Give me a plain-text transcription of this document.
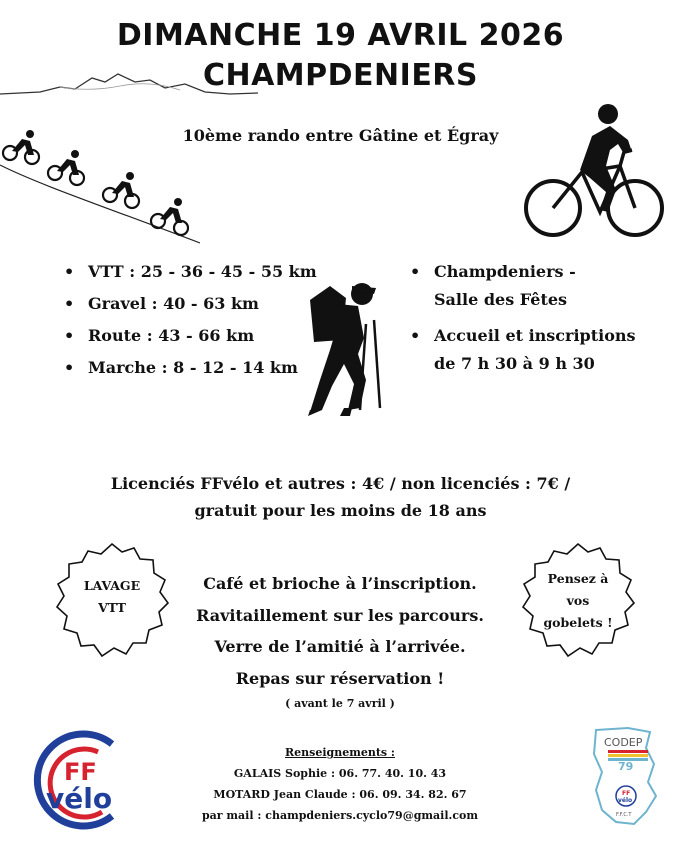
DIMANCHE 19 AVRIL 2026
CHAMPDENIERS
10ème rando entre Gâtine et Égray
• VTT : 25 - 36 - 45 - 55 km
• Gravel : 40 - 63 km
• Route : 43 - 66 km
• Marche : 8 - 12 - 14 km
• Champdeniers -
Salle des Fêtes
• Accueil et inscriptions
de 7 h 30 à 9 h 30
Licenciés FFvélo et autres : 4€ / non licenciés : 7€ /
gratuit pour les moins de 18 ans
LAVAGE
VTT
Pensez à
vos
gobelets !
Café et brioche à l’inscription.
Ravitaillement sur les parcours.
Verre de l’amitié à l’arrivée.
Repas sur réservation !
( avant le 7 avril )
Renseignements :
GALAIS Sophie : 06. 77. 40. 10. 43
MOTARD Jean Claude : 06. 09. 34. 82. 67
par mail : champdeniers.cyclo79@gmail.com
FF
vélo
CODEP
79
FF
vélo
F.F.C.T
